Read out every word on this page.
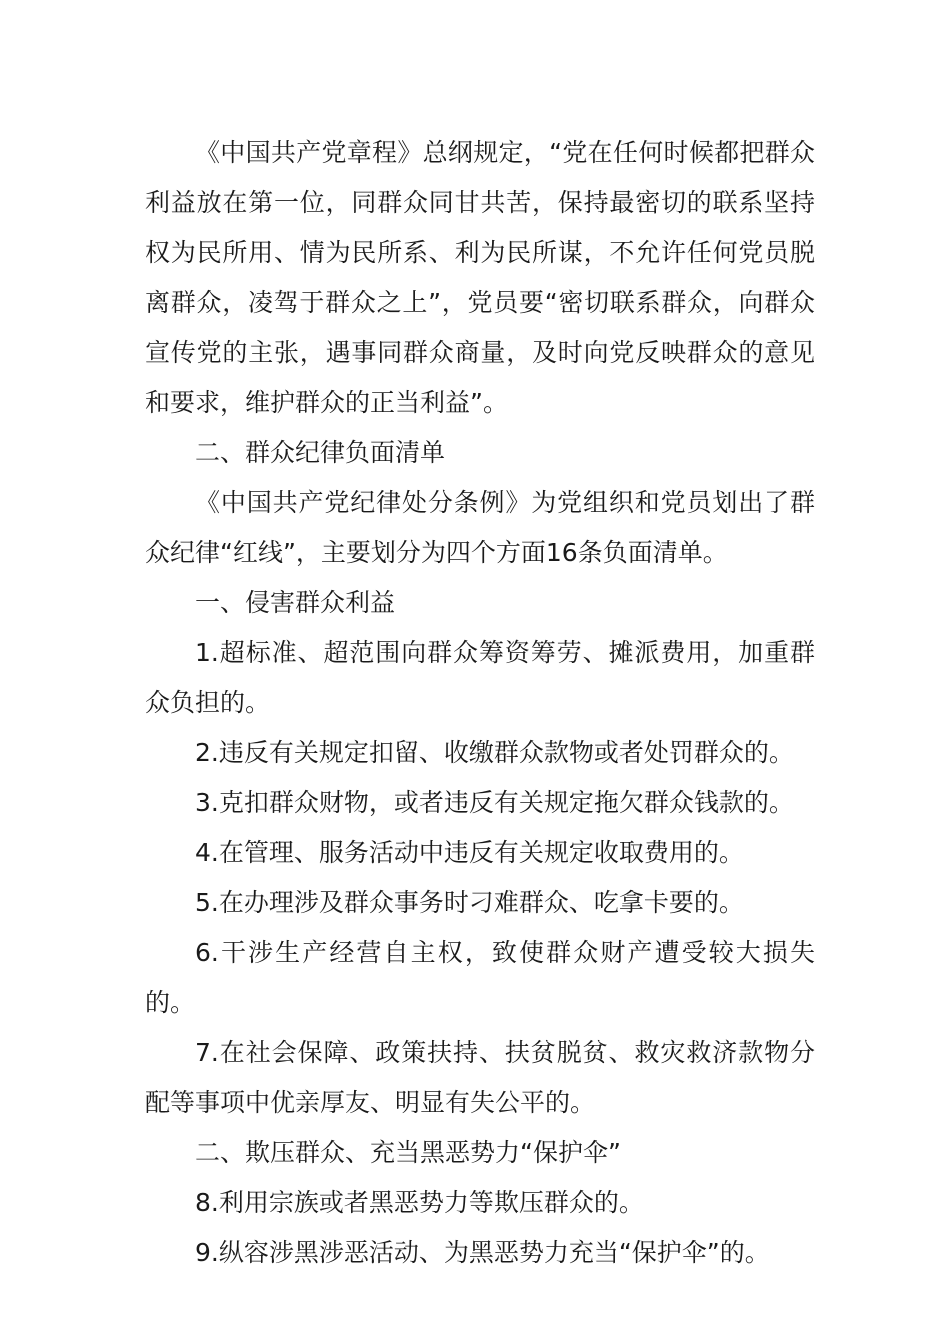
《中国共产党章程》总纲规定，“党在任何时候都把群众利益放在第一位，同群众同甘共苦，保持最密切的联系坚持权为民所用、情为民所系、利为民所谋，不允许任何党员脱离群众，凌驾于群众之上”，党员要“密切联系群众，向群众宣传党的主张，遇事同群众商量，及时向党反映群众的意见和要求，维护群众的正当利益”。

二、群众纪律负面清单

《中国共产党纪律处分条例》为党组织和党员划出了群众纪律“红线”，主要划分为四个方面16条负面清单。

一、侵害群众利益

1.超标准、超范围向群众筹资筹劳、摊派费用，加重群众负担的。

2.违反有关规定扣留、收缴群众款物或者处罚群众的。

3.克扣群众财物，或者违反有关规定拖欠群众钱款的。

4.在管理、服务活动中违反有关规定收取费用的。

5.在办理涉及群众事务时刁难群众、吃拿卡要的。

6.干涉生产经营自主权，致使群众财产遭受较大损失的。

7.在社会保障、政策扶持、扶贫脱贫、救灾救济款物分配等事项中优亲厚友、明显有失公平的。

二、欺压群众、充当黑恶势力“保护伞”

8.利用宗族或者黑恶势力等欺压群众的。

9.纵容涉黑涉恶活动、为黑恶势力充当“保护伞”的。
